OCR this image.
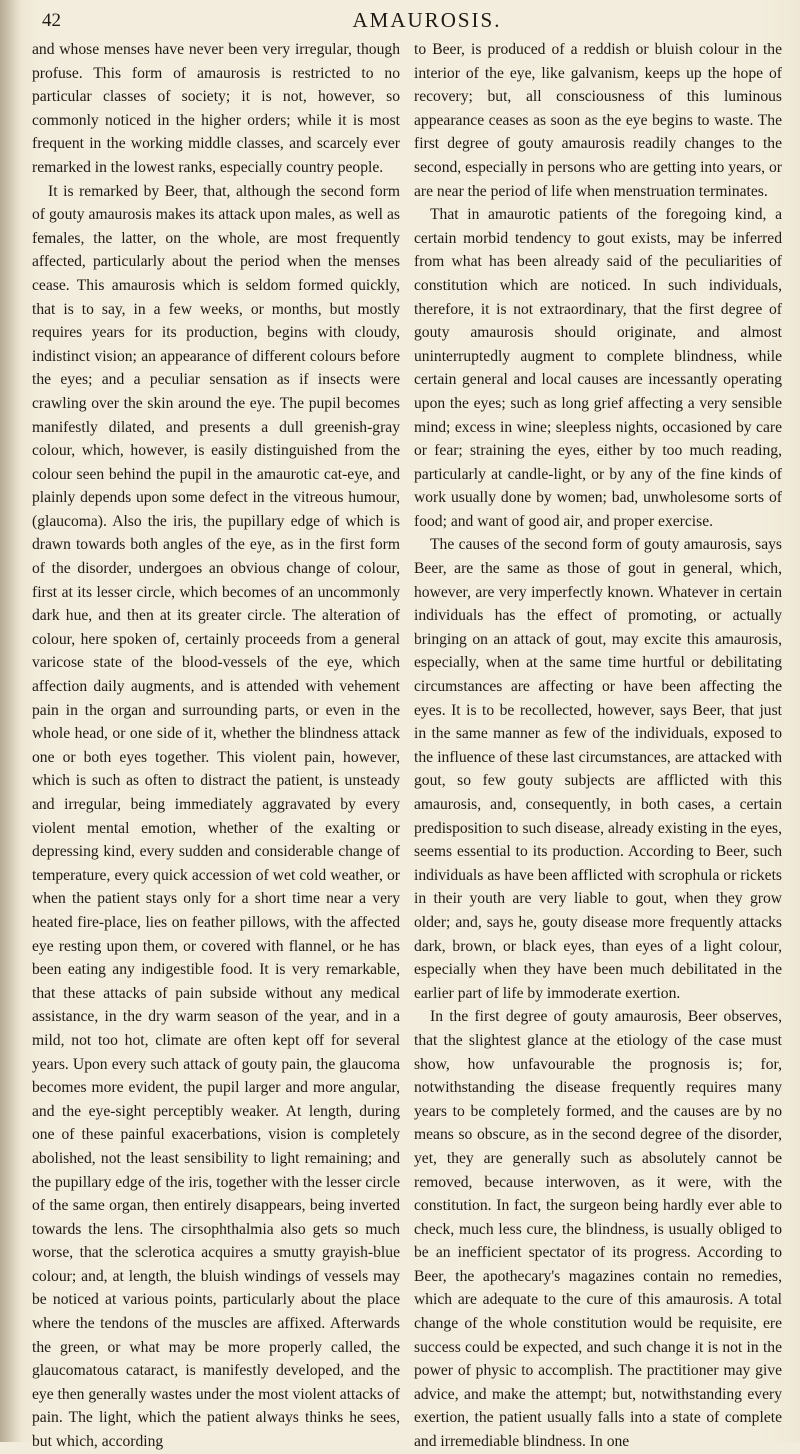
42	AMAUROSIS.

and whose menses have never been very irregular, though profuse. This form of amaurosis is restricted to no particular classes of society; it is not, however, so commonly noticed in the higher orders; while it is most frequent in the working middle classes, and scarcely ever remarked in the lowest ranks, especially country people.

It is remarked by Beer, that, although the second form of gouty amaurosis makes its attack upon males, as well as females, the latter, on the whole, are most frequently affected, particularly about the period when the menses cease. This amaurosis which is seldom formed quickly, that is to say, in a few weeks, or months, but mostly requires years for its production, begins with cloudy, indistinct vision; an appearance of different colours before the eyes; and a peculiar sensation as if insects were crawling over the skin around the eye. The pupil becomes manifestly dilated, and presents a dull greenish-gray colour, which, however, is easily distinguished from the colour seen behind the pupil in the amaurotic cat-eye, and plainly depends upon some defect in the vitreous humour, (glaucoma). Also the iris, the pupillary edge of which is drawn towards both angles of the eye, as in the first form of the disorder, undergoes an obvious change of colour, first at its lesser circle, which becomes of an uncommonly dark hue, and then at its greater circle. The alteration of colour, here spoken of, certainly proceeds from a general varicose state of the blood-vessels of the eye, which affection daily augments, and is attended with vehement pain in the organ and surrounding parts, or even in the whole head, or one side of it, whether the blindness attack one or both eyes together. This violent pain, however, which is such as often to distract the patient, is unsteady and irregular, being immediately aggravated by every violent mental emotion, whether of the exalting or depressing kind, every sudden and considerable change of temperature, every quick accession of wet cold weather, or when the patient stays only for a short time near a very heated fire-place, lies on feather pillows, with the affected eye resting upon them, or covered with flannel, or he has been eating any indigestible food. It is very remarkable, that these attacks of pain subside without any medical assistance, in the dry warm season of the year, and in a mild, not too hot, climate are often kept off for several years. Upon every such attack of gouty pain, the glaucoma becomes more evident, the pupil larger and more angular, and the eye-sight perceptibly weaker. At length, during one of these painful exacerbations, vision is completely abolished, not the least sensibility to light remaining; and the pupillary edge of the iris, together with the lesser circle of the same organ, then entirely disappears, being inverted towards the lens. The cirsophthalmia also gets so much worse, that the sclerotica acquires a smutty grayish-blue colour; and, at length, the bluish windings of vessels may be noticed at various points, particularly about the place where the tendons of the muscles are affixed. Afterwards the green, or what may be more properly called, the glaucomatous cataract, is manifestly developed, and the eye then generally wastes under the most violent attacks of pain. The light, which the patient always thinks he sees, but which, according

to Beer, is produced of a reddish or bluish colour in the interior of the eye, like galvanism, keeps up the hope of recovery; but, all consciousness of this luminous appearance ceases as soon as the eye begins to waste. The first degree of gouty amaurosis readily changes to the second, especially in persons who are getting into years, or are near the period of life when menstruation terminates.

That in amaurotic patients of the foregoing kind, a certain morbid tendency to gout exists, may be inferred from what has been already said of the peculiarities of constitution which are noticed. In such individuals, therefore, it is not extraordinary, that the first degree of gouty amaurosis should originate, and almost uninterruptedly augment to complete blindness, while certain general and local causes are incessantly operating upon the eyes; such as long grief affecting a very sensible mind; excess in wine; sleepless nights, occasioned by care or fear; straining the eyes, either by too much reading, particularly at candle-light, or by any of the fine kinds of work usually done by women; bad, unwholesome sorts of food; and want of good air, and proper exercise.

The causes of the second form of gouty amaurosis, says Beer, are the same as those of gout in general, which, however, are very imperfectly known. Whatever in certain individuals has the effect of promoting, or actually bringing on an attack of gout, may excite this amaurosis, especially, when at the same time hurtful or debilitating circumstances are affecting or have been affecting the eyes. It is to be recollected, however, says Beer, that just in the same manner as few of the individuals, exposed to the influence of these last circumstances, are attacked with gout, so few gouty subjects are afflicted with this amaurosis, and, consequently, in both cases, a certain predisposition to such disease, already existing in the eyes, seems essential to its production. According to Beer, such individuals as have been afflicted with scrophula or rickets in their youth are very liable to gout, when they grow older; and, says he, gouty disease more frequently attacks dark, brown, or black eyes, than eyes of a light colour, especially when they have been much debilitated in the earlier part of life by immoderate exertion.

In the first degree of gouty amaurosis, Beer observes, that the slightest glance at the etiology of the case must show, how unfavourable the prognosis is; for, notwithstanding the disease frequently requires many years to be completely formed, and the causes are by no means so obscure, as in the second degree of the disorder, yet, they are generally such as absolutely cannot be removed, because interwoven, as it were, with the constitution. In fact, the surgeon being hardly ever able to check, much less cure, the blindness, is usually obliged to be an inefficient spectator of its progress. According to Beer, the apothecary's magazines contain no remedies, which are adequate to the cure of this amaurosis. A total change of the whole constitution would be requisite, ere success could be expected, and such change it is not in the power of physic to accomplish. The practitioner may give advice, and make the attempt; but, notwithstanding every exertion, the patient usually falls into a state of complete and irremediable blindness. In one
